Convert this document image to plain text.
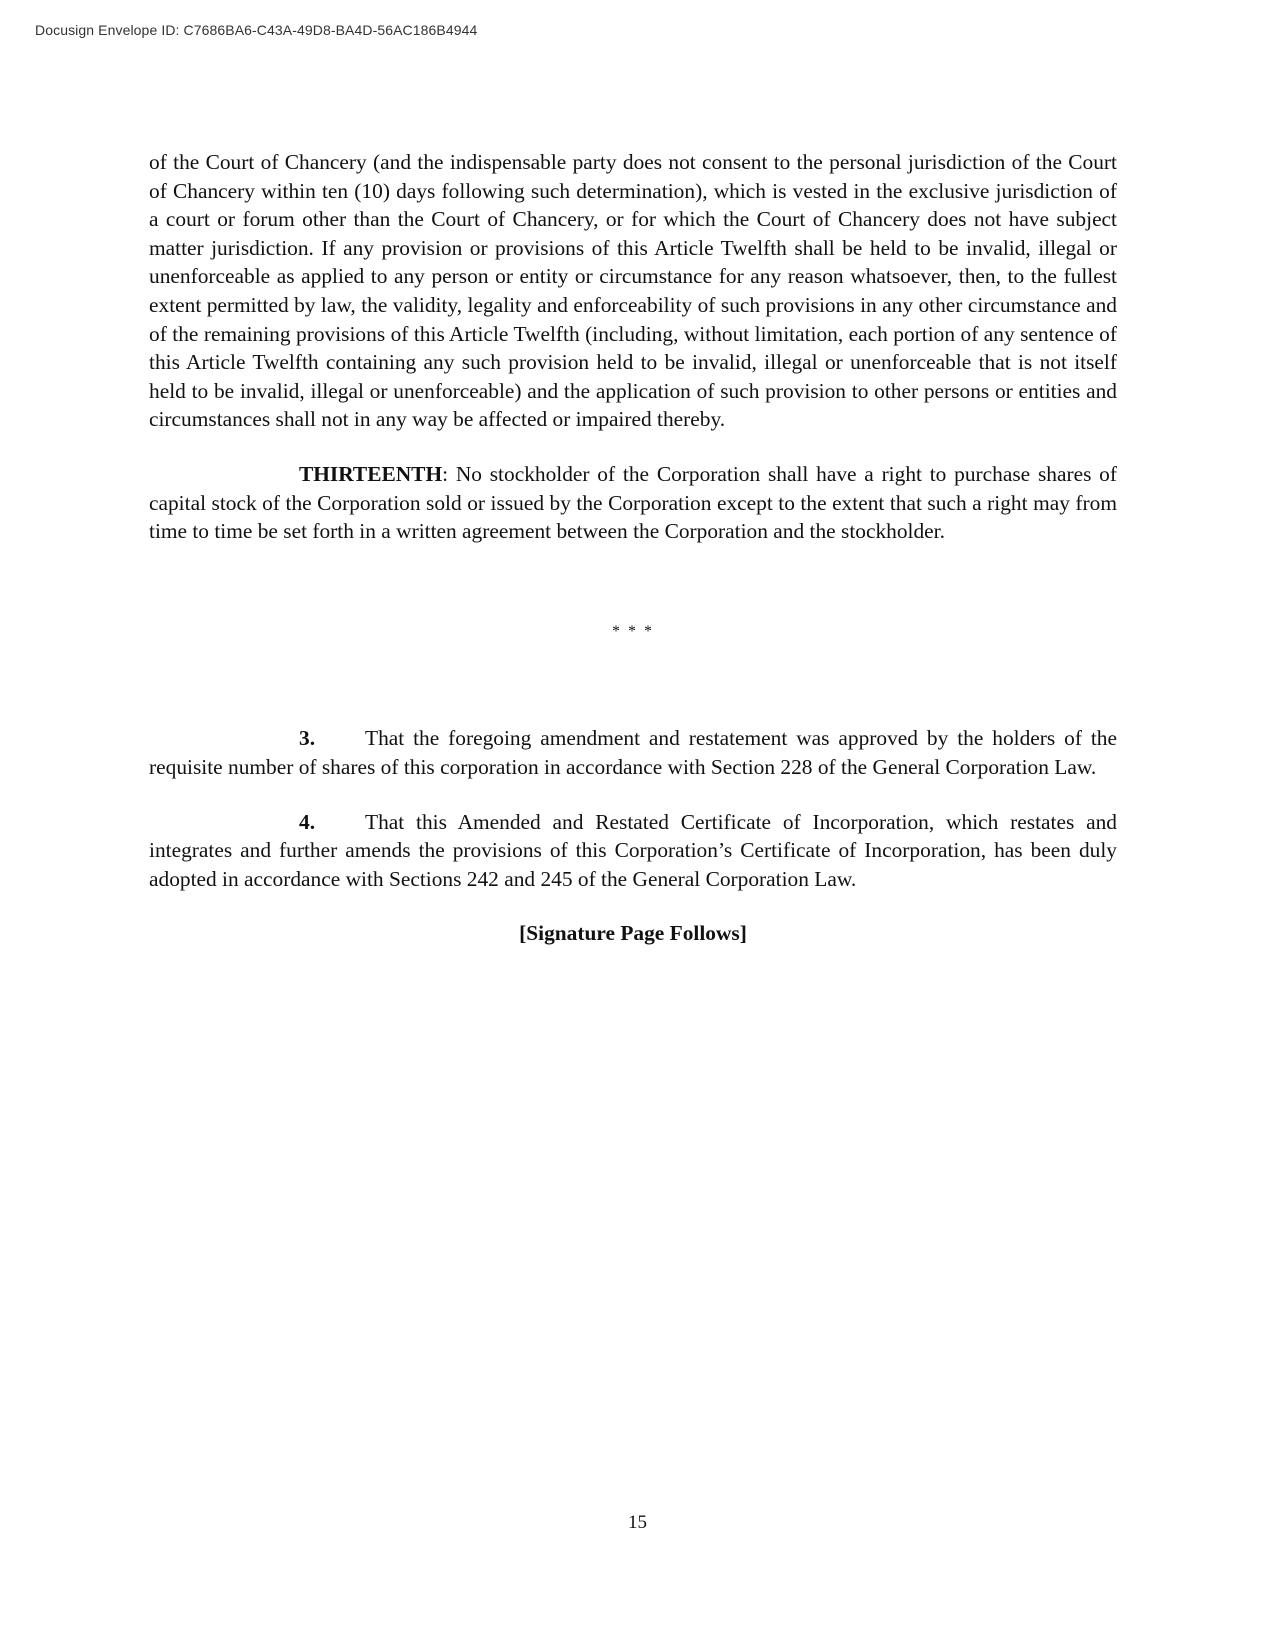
Docusign Envelope ID: C7686BA6-C43A-49D8-BA4D-56AC186B4944

of the Court of Chancery (and the indispensable party does not consent to the personal jurisdiction of the Court of Chancery within ten (10) days following such determination), which is vested in the exclusive jurisdiction of a court or forum other than the Court of Chancery, or for which the Court of Chancery does not have subject matter jurisdiction. If any provision or provisions of this Article Twelfth shall be held to be invalid, illegal or unenforceable as applied to any person or entity or circumstance for any reason whatsoever, then, to the fullest extent permitted by law, the validity, legality and enforceability of such provisions in any other circumstance and of the remaining provisions of this Article Twelfth (including, without limitation, each portion of any sentence of this Article Twelfth containing any such provision held to be invalid, illegal or unenforceable that is not itself held to be invalid, illegal or unenforceable) and the application of such provision to other persons or entities and circumstances shall not in any way be affected or impaired thereby.

THIRTEENTH: No stockholder of the Corporation shall have a right to purchase shares of capital stock of the Corporation sold or issued by the Corporation except to the extent that such a right may from time to time be set forth in a written agreement between the Corporation and the stockholder.

* * *

3. That the foregoing amendment and restatement was approved by the holders of the requisite number of shares of this corporation in accordance with Section 228 of the General Corporation Law.

4. That this Amended and Restated Certificate of Incorporation, which restates and integrates and further amends the provisions of this Corporation’s Certificate of Incorporation, has been duly adopted in accordance with Sections 242 and 245 of the General Corporation Law.

[Signature Page Follows]
15
